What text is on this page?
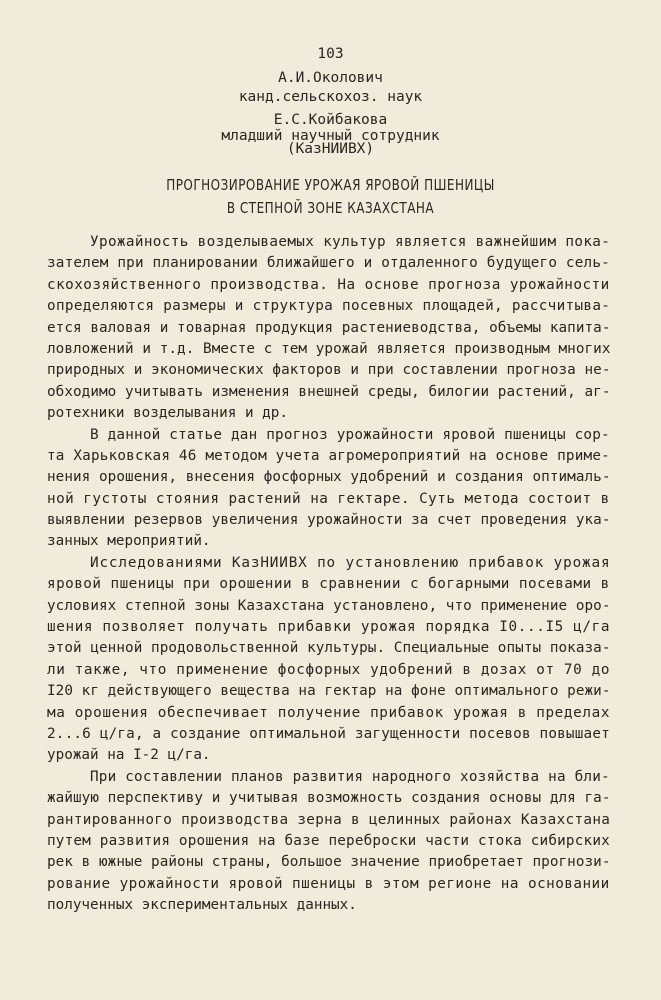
103
А.И.Околович
канд.сельскохоз. наук
Е.С.Койбакова
младший научный сотрудник
(КазНИИВХ)
ПРОГНОЗИРОВАНИЕ УРОЖАЯ ЯРОВОЙ ПШЕНИЦЫ
В СТЕПНОЙ ЗОНЕ КАЗАХСТАНА
Урожайность возделываемых культур является важнейшим пока-
зателем при планировании ближайшего и отдаленного будущего сель-
скохозяйственного производства. На основе прогноза урожайности
определяются размеры и структура посевных площадей, рассчитыва-
ется валовая и товарная продукция растениеводства, объемы капита-
ловложений и т.д. Вместе с тем урожай является производным многих
природных и экономических факторов и при составлении прогноза не-
обходимо учитывать изменения внешней среды, билогии растений, аг-
ротехники возделывания и др.
В данной статье дан прогноз урожайности яровой пшеницы сор-
та Харьковская 46 методом учета агромероприятий на основе приме-
нения орошения, внесения фосфорных удобрений и создания оптималь-
ной густоты стояния растений на гектаре. Суть метода состоит в
выявлении резервов увеличения урожайности за счет проведения ука-
занных мероприятий.
Исследованиями КазНИИВХ по установлению прибавок урожая
яровой пшеницы при орошении в сравнении с богарными посевами в
условиях степной зоны Казахстана установлено, что применение оро-
шения позволяет получать прибавки урожая порядка I0...I5 ц/га
этой ценной продовольственной культуры. Специальные опыты показа-
ли также, что применение фосфорных удобрений в дозах от 70 до
I20 кг действующего вещества на гектар на фоне оптимального режи-
ма орошения обеспечивает получение прибавок урожая в пределах
2...6 ц/га, а создание оптимальной загущенности посевов повышает
урожай на I-2 ц/га.
При составлении планов развития народного хозяйства на бли-
жайшую перспективу и учитывая возможность создания основы для га-
рантированного производства зерна в целинных районах Казахстана
путем развития орошения на базе переброски части стока сибирских
рек в южные районы страны, большое значение приобретает прогнози-
рование урожайности яровой пшеницы в этом регионе на основании
полученных экспериментальных данных.
